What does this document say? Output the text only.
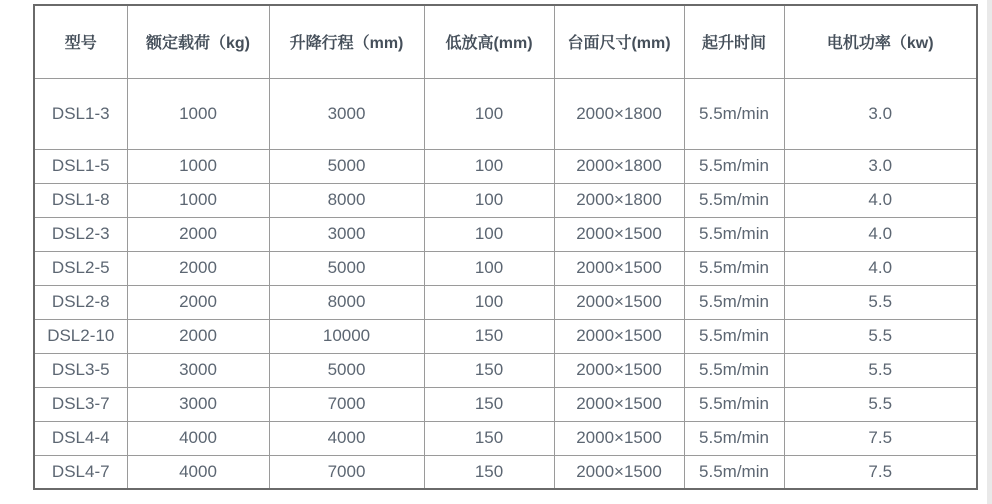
型号	额定载荷（kg)	升降行程（mm)	低放高(mm)	台面尺寸(mm)	起升时间	电机功率（kw)
DSL1-3	1000	3000	100	2000×1800	5.5m/min	3.0
DSL1-5	1000	5000	100	2000×1800	5.5m/min	3.0
DSL1-8	1000	8000	100	2000×1800	5.5m/min	4.0
DSL2-3	2000	3000	100	2000×1500	5.5m/min	4.0
DSL2-5	2000	5000	100	2000×1500	5.5m/min	4.0
DSL2-8	2000	8000	100	2000×1500	5.5m/min	5.5
DSL2-10	2000	10000	150	2000×1500	5.5m/min	5.5
DSL3-5	3000	5000	150	2000×1500	5.5m/min	5.5
DSL3-7	3000	7000	150	2000×1500	5.5m/min	5.5
DSL4-4	4000	4000	150	2000×1500	5.5m/min	7.5
DSL4-7	4000	7000	150	2000×1500	5.5m/min	7.5
